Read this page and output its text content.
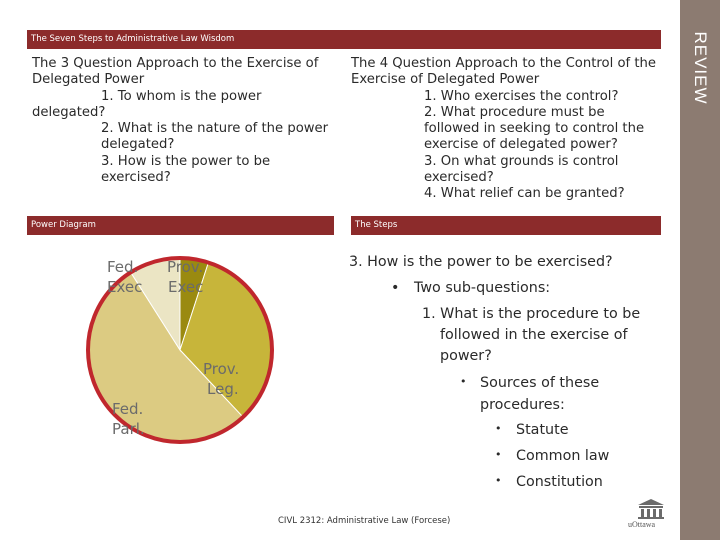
REVIEW
The Seven Steps to Administrative Law Wisdom
The 3 Question Approach to the Exercise of
Delegated Power
1. To whom is the power
delegated?
2. What is the nature of the power
delegated?
3. How is the power to be
exercised?
The 4 Question Approach to the Control of the
Exercise of Delegated Power
1. Who exercises the control?
2. What procedure must be
followed in seeking to control the
exercise of delegated power?
3. On what grounds is control
exercised?
4. What relief can be granted?
Power Diagram	The Steps
Fed.
Exec
Prov.
Exec
Prov.
Leg.
Fed.
Parl.
3. How is the power to be exercised?
• Two sub-questions:
1. What is the procedure to be
followed in the exercise of
power?
• Sources of these
procedures:
• Statute
• Common law
• Constitution
CIVL 2312: Administrative Law (Forcese)	uOttawa
